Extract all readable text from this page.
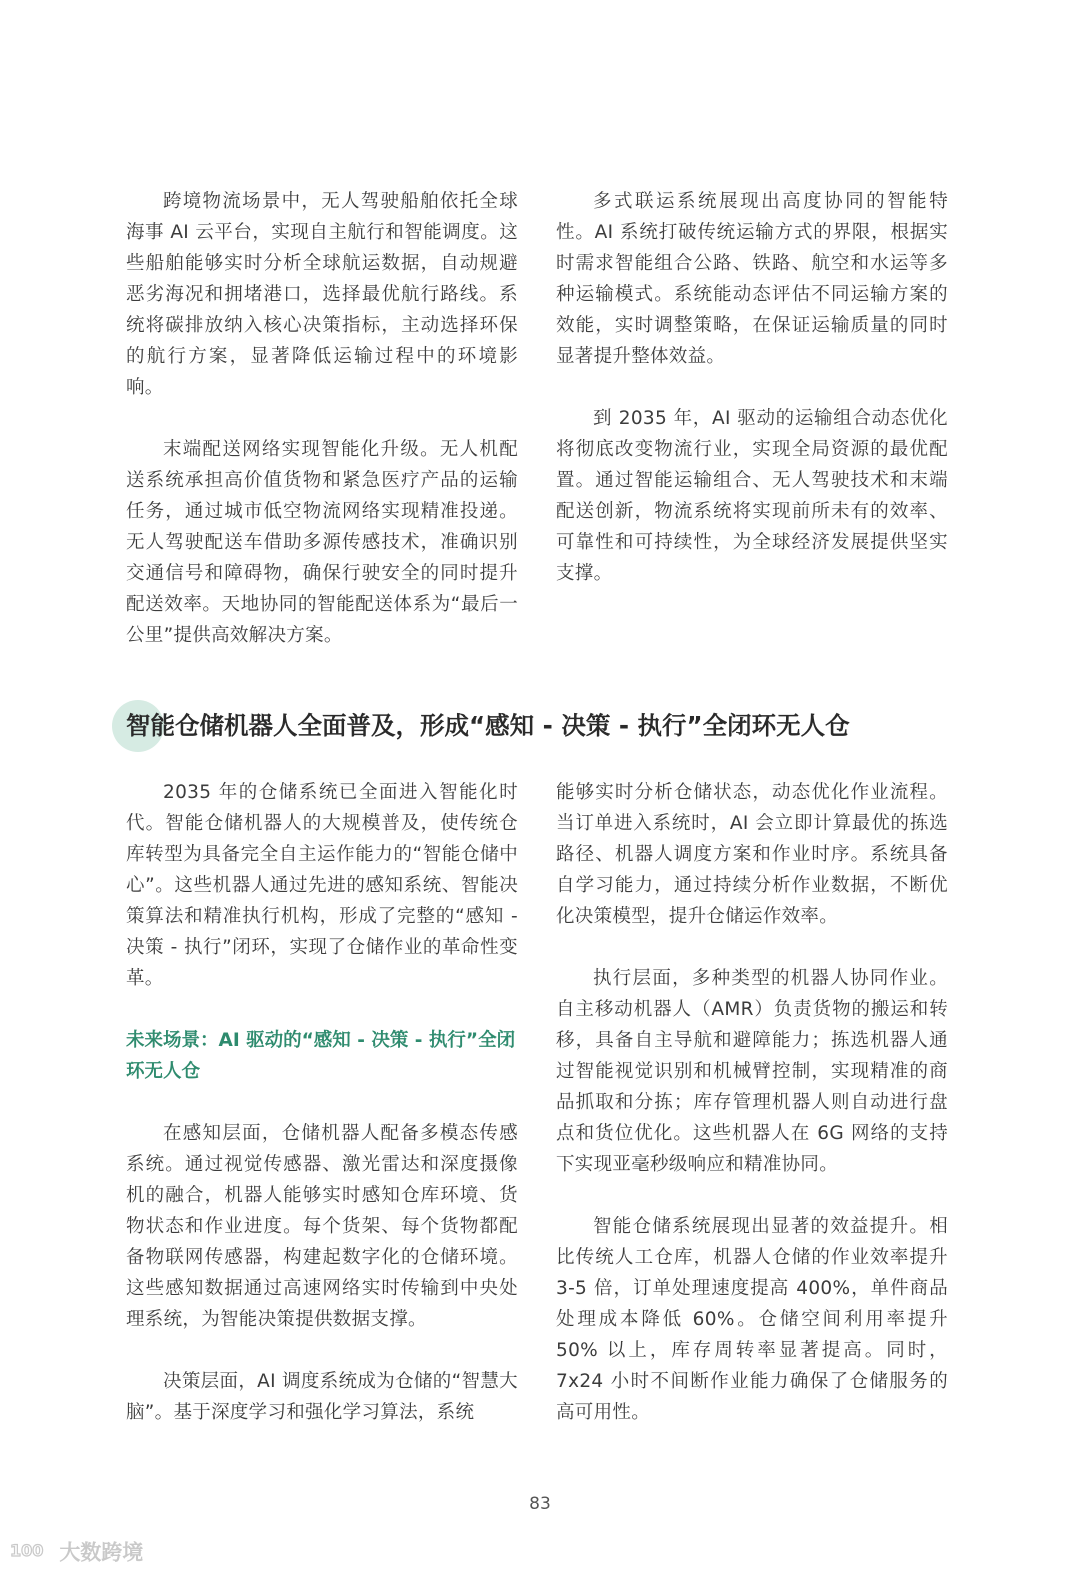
跨境物流场景中，无人驾驶船舶依托全球海事 AI 云平台，实现自主航行和智能调度。这些船舶能够实时分析全球航运数据，自动规避恶劣海况和拥堵港口，选择最优航行路线。系统将碳排放纳入核心决策指标，主动选择环保的航行方案，显著降低运输过程中的环境影响。

末端配送网络实现智能化升级。无人机配送系统承担高价值货物和紧急医疗产品的运输任务，通过城市低空物流网络实现精准投递。无人驾驶配送车借助多源传感技术，准确识别交通信号和障碍物，确保行驶安全的同时提升配送效率。天地协同的智能配送体系为“最后一公里”提供高效解决方案。

多式联运系统展现出高度协同的智能特性。AI 系统打破传统运输方式的界限，根据实时需求智能组合公路、铁路、航空和水运等多种运输模式。系统能动态评估不同运输方案的效能，实时调整策略，在保证运输质量的同时显著提升整体效益。

到 2035 年，AI 驱动的运输组合动态优化将彻底改变物流行业，实现全局资源的最优配置。通过智能运输组合、无人驾驶技术和末端配送创新，物流系统将实现前所未有的效率、可靠性和可持续性，为全球经济发展提供坚实支撑。

智能仓储机器人全面普及，形成“感知 - 决策 - 执行”全闭环无人仓

2035 年的仓储系统已全面进入智能化时代。智能仓储机器人的大规模普及，使传统仓库转型为具备完全自主运作能力的“智能仓储中心”。这些机器人通过先进的感知系统、智能决策算法和精准执行机构，形成了完整的“感知 - 决策 - 执行”闭环，实现了仓储作业的革命性变革。

未来场景：AI 驱动的“感知 - 决策 - 执行”全闭环无人仓

在感知层面，仓储机器人配备多模态传感系统。通过视觉传感器、激光雷达和深度摄像机的融合，机器人能够实时感知仓库环境、货物状态和作业进度。每个货架、每个货物都配备物联网传感器，构建起数字化的仓储环境。这些感知数据通过高速网络实时传输到中央处理系统，为智能决策提供数据支撑。

决策层面，AI 调度系统成为仓储的“智慧大脑”。基于深度学习和强化学习算法，系统

能够实时分析仓储状态，动态优化作业流程。当订单进入系统时，AI 会立即计算最优的拣选路径、机器人调度方案和作业时序。系统具备自学习能力，通过持续分析作业数据，不断优化决策模型，提升仓储运作效率。

执行层面，多种类型的机器人协同作业。自主移动机器人（AMR）负责货物的搬运和转移，具备自主导航和避障能力；拣选机器人通过智能视觉识别和机械臂控制，实现精准的商品抓取和分拣；库存管理机器人则自动进行盘点和货位优化。这些机器人在 6G 网络的支持下实现亚毫秒级响应和精准协同。

智能仓储系统展现出显著的效益提升。相比传统人工仓库，机器人仓储的作业效率提升 3-5 倍，订单处理速度提高 400%，单件商品处理成本降低 60%。仓储空间利用率提升 50% 以上，库存周转率显著提高。同时，7x24 小时不间断作业能力确保了仓储服务的高可用性。

83
100 大数跨境
